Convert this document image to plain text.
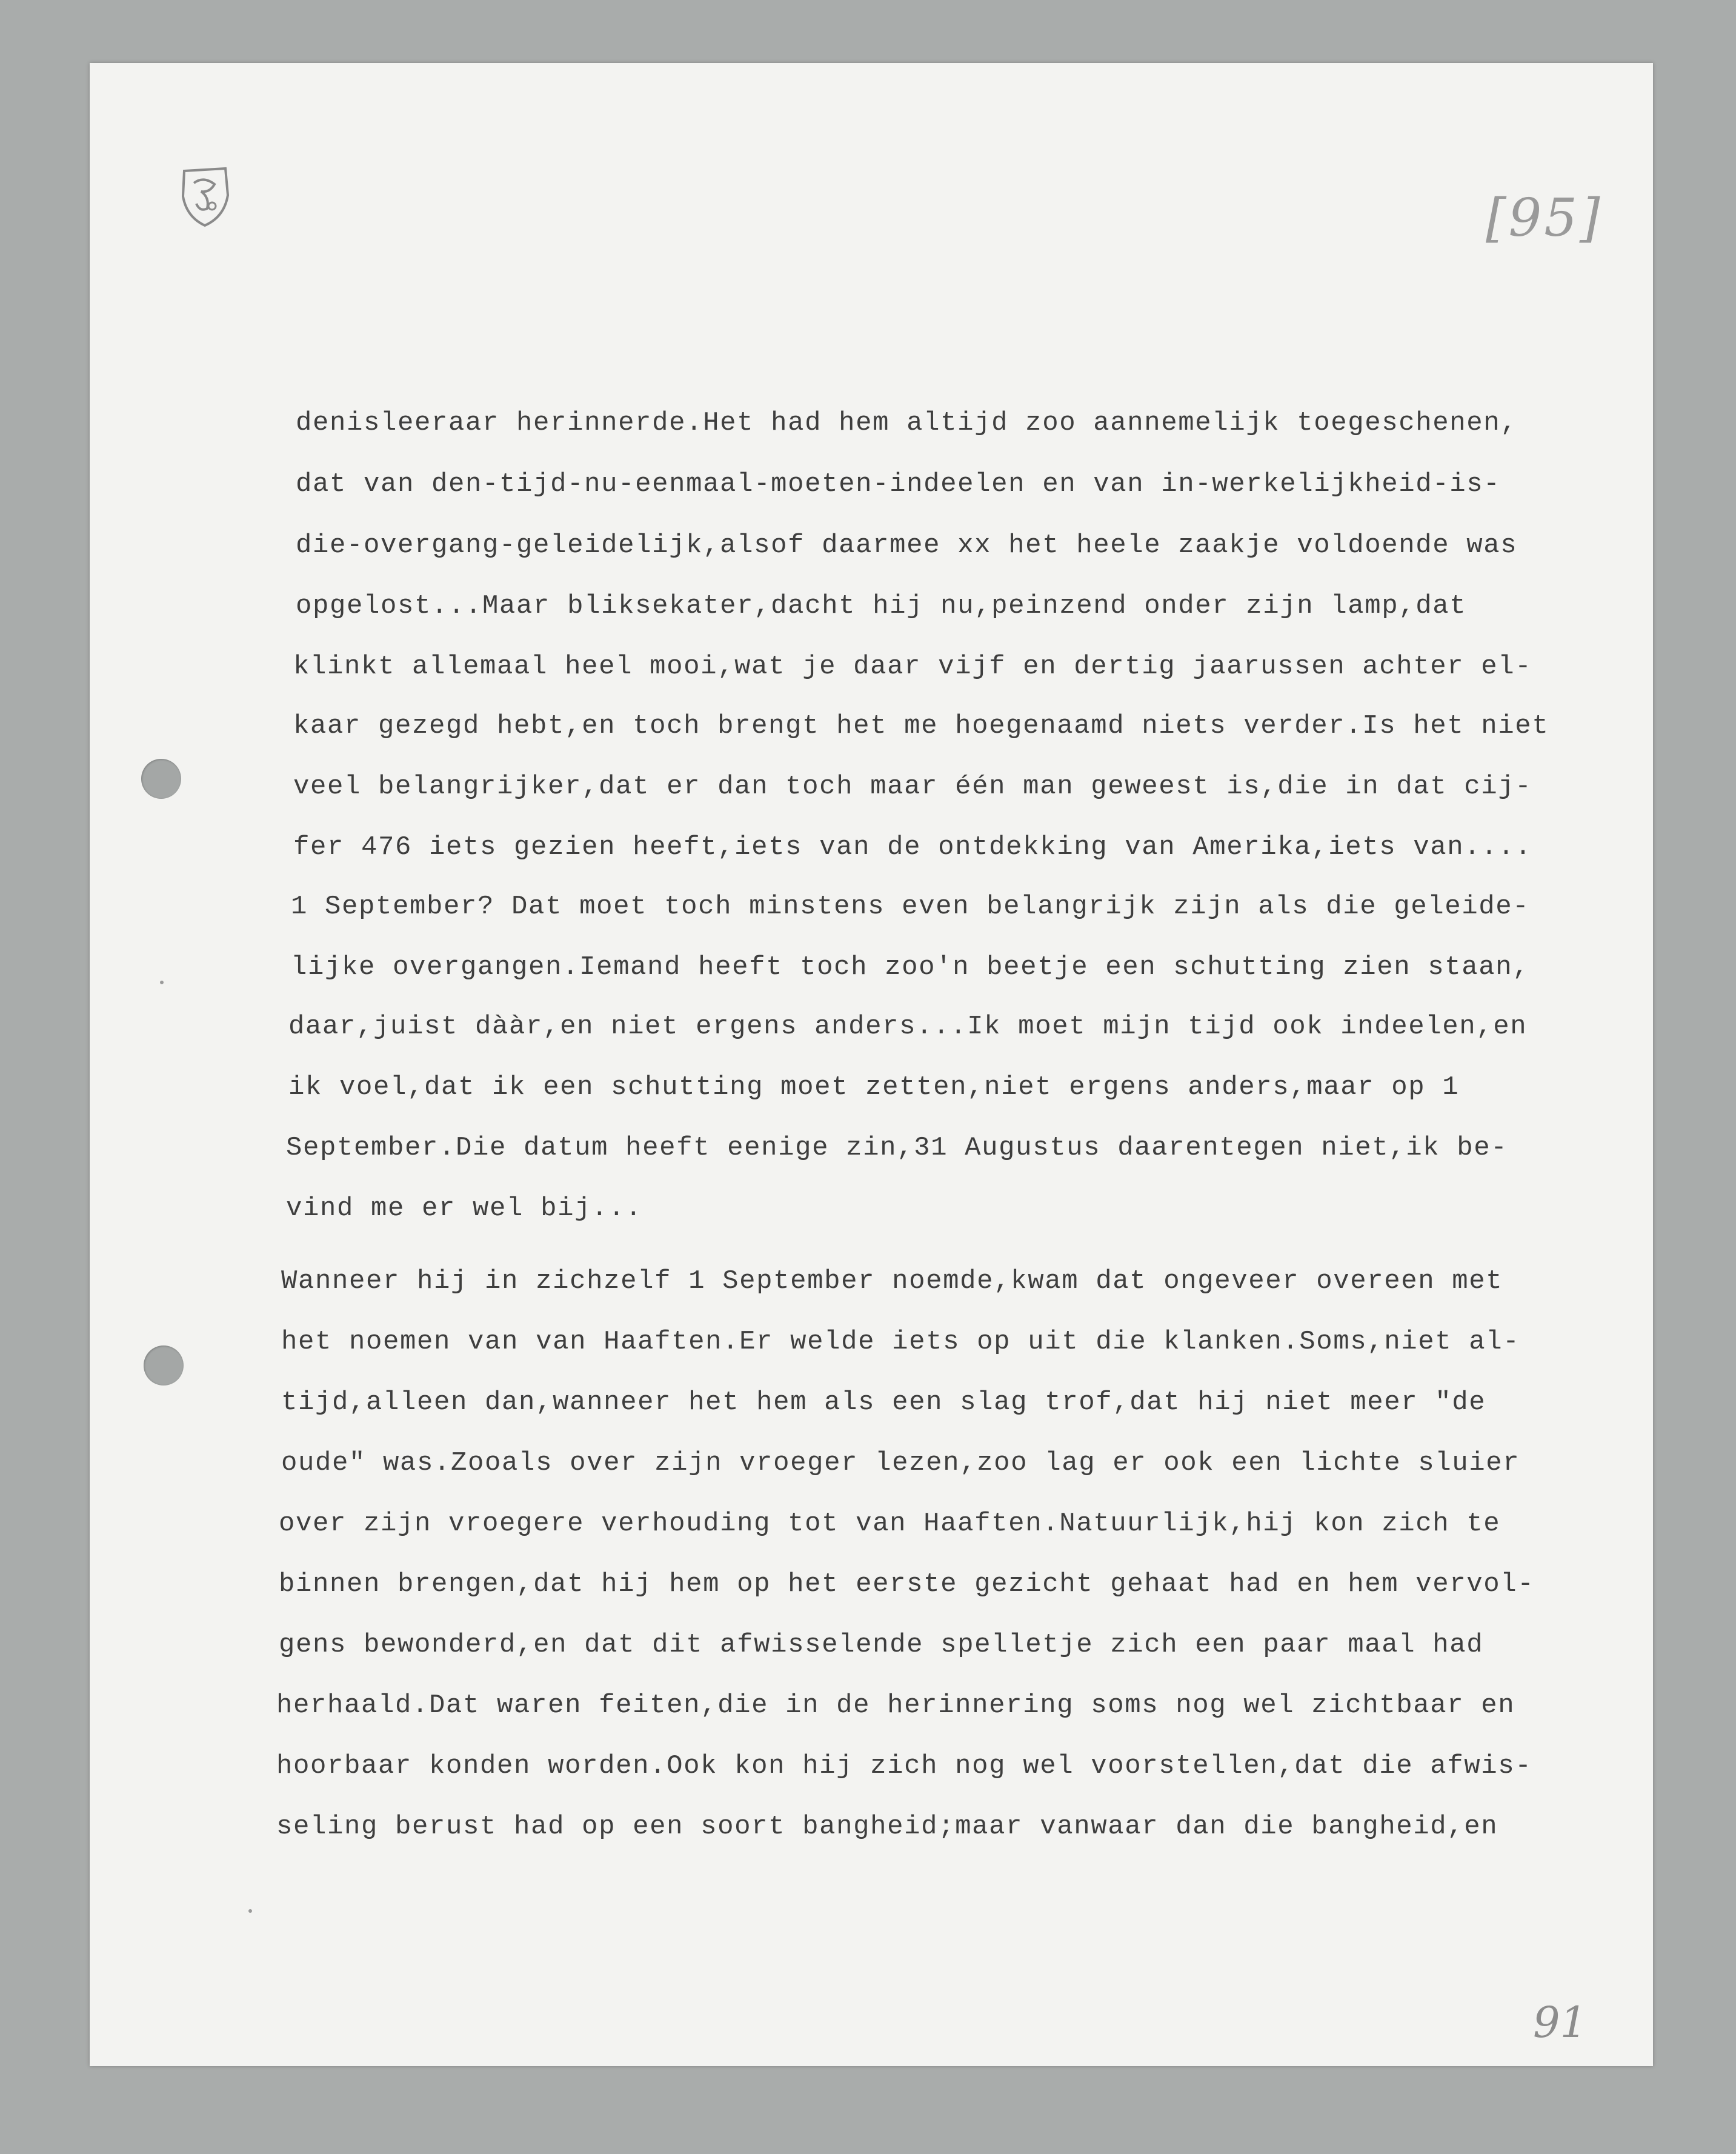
[95]

91
denisleeraar herinnerde.Het had hem altijd zoo aannemelijk toegeschenen,
dat van den-tijd-nu-eenmaal-moeten-indeelen en van in-werkelijkheid-is-
die-overgang-geleidelijk,alsof daarmee xx het heele zaakje voldoende was
opgelost...Maar bliksekater,dacht hij nu,peinzend onder zijn lamp,dat
klinkt allemaal heel mooi,wat je daar vijf en dertig jaarussen achter el-
kaar gezegd hebt,en toch brengt het me hoegenaamd niets verder.Is het niet
veel belangrijker,dat er dan toch maar één man geweest is,die in dat cij-
fer 476 iets gezien heeft,iets van de ontdekking van Amerika,iets van....
1 September? Dat moet toch minstens even belangrijk zijn als die geleide-
lijke overgangen.Iemand heeft toch zoo'n beetje een schutting zien staan,
daar,juist dààr,en niet ergens anders...Ik moet mijn tijd ook indeelen,en
ik voel,dat ik een schutting moet zetten,niet ergens anders,maar op 1
September.Die datum heeft eenige zin,31 Augustus daarentegen niet,ik be-
vind me er wel bij...
Wanneer hij in zichzelf 1 September noemde,kwam dat ongeveer overeen met
het noemen van van Haaften.Er welde iets op uit die klanken.Soms,niet al-
tijd,alleen dan,wanneer het hem als een slag trof,dat hij niet meer "de
oude" was.Zooals over zijn vroeger lezen,zoo lag er ook een lichte sluier
over zijn vroegere verhouding tot van Haaften.Natuurlijk,hij kon zich te
binnen brengen,dat hij hem op het eerste gezicht gehaat had en hem vervol-
gens bewonderd,en dat dit afwisselende spelletje zich een paar maal had
herhaald.Dat waren feiten,die in de herinnering soms nog wel zichtbaar en
hoorbaar konden worden.Ook kon hij zich nog wel voorstellen,dat die afwis-
seling berust had op een soort bangheid;maar vanwaar dan die bangheid,en
